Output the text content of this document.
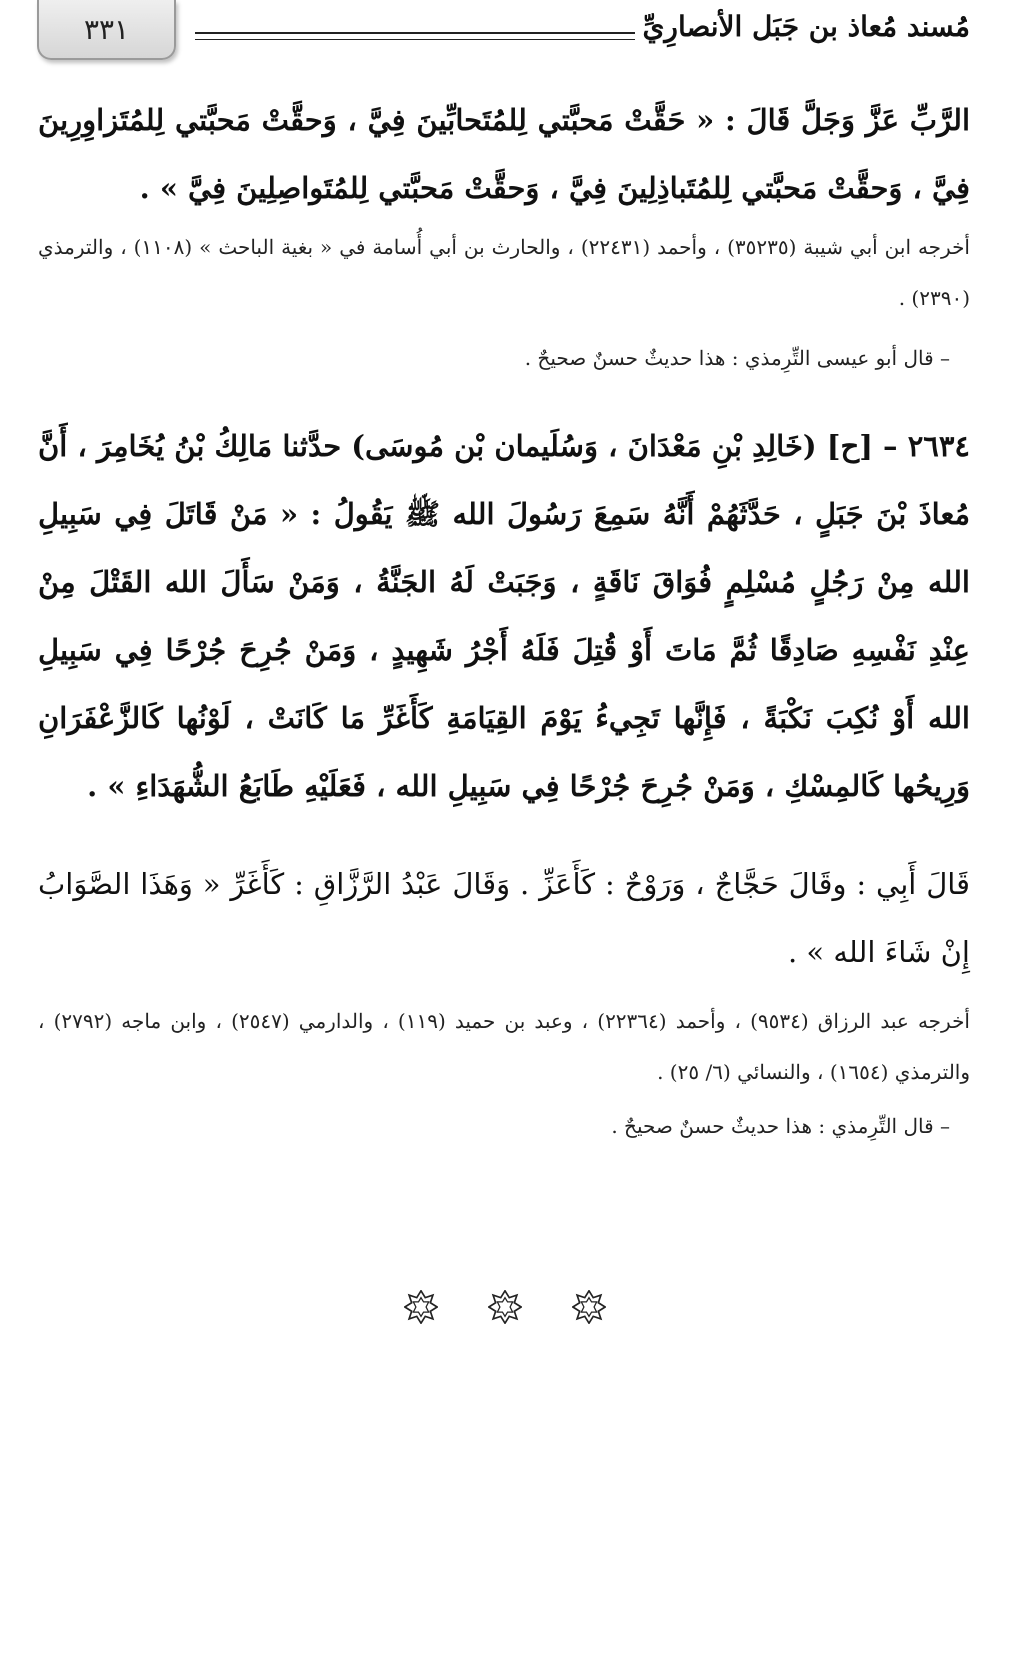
٣٣١	مُسند مُعاذ بن جَبَل الأنصارِيِّ
الرَّبِّ عَزَّ وَجَلَّ قَالَ : « حَقَّتْ مَحبَّتي لِلمُتَحابِّينَ فِيَّ ، وَحقَّتْ مَحبَّتي لِلمُتَزاوِرِينَ فِيَّ ، وَحقَّتْ مَحبَّتي لِلمُتَباذِلِينَ فِيَّ ، وَحقَّتْ مَحبَّتي لِلمُتَواصِلِينَ فِيَّ » .
أخرجه ابن أبي شيبة (٣٥٢٣٥) ، وأحمد (٢٢٤٣١) ، والحارث بن أبي أُسامة في « بغية الباحث » (١١٠٨) ، والترمذي (٢٣٩٠) .
– قال أبو عيسى التِّرِمذي : هذا حديثٌ حسنٌ صحيحٌ .
٢٦٣٤ – [ح] (خَالِدِ بْنِ مَعْدَانَ ، وَسُلَيمان بْن مُوسَى) حدَّثنا مَالِكُ بْنُ يُخَامِرَ ، أَنَّ مُعاذَ بْنَ جَبَلٍ ، حَدَّثَهُمْ أَنَّهُ سَمِعَ رَسُولَ الله ﷺ يَقُولُ : « مَنْ قَاتَلَ فِي سَبِيلِ الله مِنْ رَجُلٍ مُسْلِمٍ فُوَاقَ نَاقَةٍ ، وَجَبَتْ لَهُ الجَنَّةُ ، وَمَنْ سَأَلَ الله القَتْلَ مِنْ عِنْدِ نَفْسِهِ صَادِقًا ثُمَّ مَاتَ أَوْ قُتِلَ فَلَهُ أَجْرُ شَهِيدٍ ، وَمَنْ جُرِحَ جُرْحًا فِي سَبِيلِ الله أَوْ نُكِبَ نَكْبَةً ، فَإِنَّها تَجِيءُ يَوْمَ القِيَامَةِ كَأَغَرِّ مَا كَانَتْ ، لَوْنُها كَالزَّعْفَرَانِ وَرِيحُها كَالمِسْكِ ، وَمَنْ جُرِحَ جُرْحًا فِي سَبِيلِ الله ، فَعَلَيْهِ طَابَعُ الشُّهَدَاءِ » .
قَالَ أَبِي : وقَالَ حَجَّاجٌ ، وَرَوْحٌ : كَأَعَزِّ . وَقَالَ عَبْدُ الرَّزَّاقِ : كَأَغَرِّ « وَهَذَا الصَّوَابُ إِنْ شَاءَ الله » .
أخرجه عبد الرزاق (٩٥٣٤) ، وأحمد (٢٢٣٦٤) ، وعبد بن حميد (١١٩) ، والدارمي (٢٥٤٧) ، وابن ماجه (٢٧٩٢) ، والترمذي (١٦٥٤) ، والنسائي (٦/ ٢٥) .
– قال التِّرِمذي : هذا حديثٌ حسنٌ صحيحٌ .
